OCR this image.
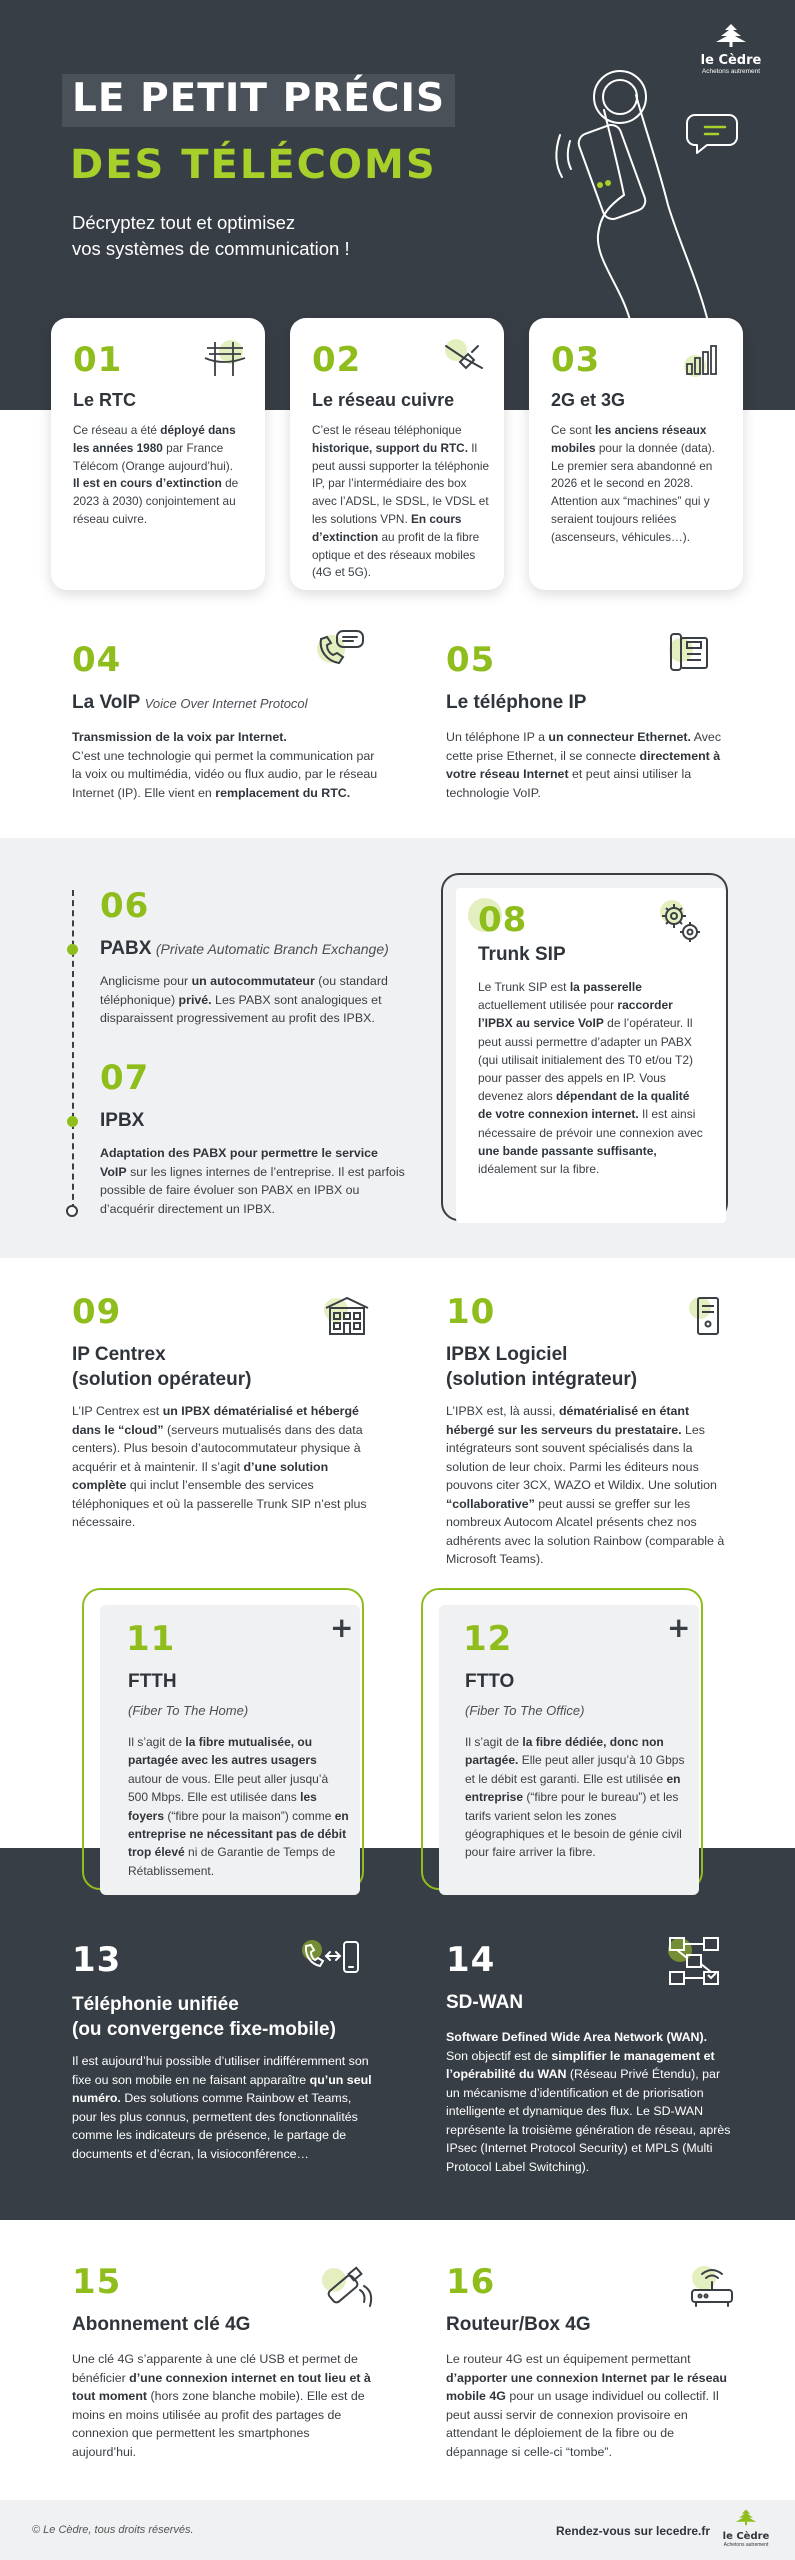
LE PETIT PRÉCIS
DES TÉLÉCOMS
Décryptez tout et optimisez
vos systèmes de communication !
le Cèdre
Achetons autrement
01
Le RTC
Ce réseau a été déployé dans les années 1980 par France Télécom (Orange aujourd’hui).
Il est en cours d’extinction de 2023 à 2030) conjointement au réseau cuivre.
02
Le réseau cuivre
C’est le réseau téléphonique historique, support du RTC. Il peut aussi supporter la téléphonie IP, par l’intermédiaire des box avec l’ADSL, le SDSL, le VDSL et les solutions VPN. En cours d’extinction au profit de la fibre optique et des réseaux mobiles (4G et 5G).
03
2G et 3G
Ce sont les anciens réseaux mobiles pour la donnée (data). Le premier sera abandonné en 2026 et le second en 2028. Attention aux “machines” qui y seraient toujours reliées (ascenseurs, véhicules…).
04
La VoIP Voice Over Internet Protocol
Transmission de la voix par Internet.
C’est une technologie qui permet la communication par la voix ou multimédia, vidéo ou flux audio, par le réseau Internet (IP). Elle vient en remplacement du RTC.
05
Le téléphone IP
Un téléphone IP a un connecteur Ethernet. Avec cette prise Ethernet, il se connecte directement à votre réseau Internet et peut ainsi utiliser la technologie VoIP.
06
PABX (Private Automatic Branch Exchange)
Anglicisme pour un autocommutateur (ou standard téléphonique) privé. Les PABX sont analogiques et disparaissent progressivement au profit des IPBX.
07
IPBX
Adaptation des PABX pour permettre le service VoIP sur les lignes internes de l’entreprise. Il est parfois possible de faire évoluer son PABX en IPBX ou d’acquérir directement un IPBX.
08
Trunk SIP
Le Trunk SIP est la passerelle actuellement utilisée pour raccorder l’IPBX au service VoIP de l’opérateur. Il peut aussi permettre d’adapter un PABX (qui utilisait initialement des T0 et/ou T2) pour passer des appels en IP. Vous devenez alors dépendant de la qualité de votre connexion internet. Il est ainsi nécessaire de prévoir une connexion avec une bande passante suffisante, idéalement sur la fibre.
09
IP Centrex
(solution opérateur)
L’IP Centrex est un IPBX dématérialisé et hébergé dans le “cloud” (serveurs mutualisés dans des data centers). Plus besoin d’autocommutateur physique à acquérir et à maintenir. Il s’agit d’une solution complète qui inclut l’ensemble des services téléphoniques et où la passerelle Trunk SIP n’est plus nécessaire.
10
IPBX Logiciel
(solution intégrateur)
L’IPBX est, là aussi, dématérialisé en étant hébergé sur les serveurs du prestataire. Les intégrateurs sont souvent spécialisés dans la solution de leur choix. Parmi les éditeurs nous pouvons citer 3CX, WAZO et Wildix. Une solution “collaborative” peut aussi se greffer sur les nombreux Autocom Alcatel présents chez nos adhérents avec la solution Rainbow (comparable à Microsoft Teams).
11	+
FTTH
(Fiber To The Home)
Il s’agit de la fibre mutualisée, ou partagée avec les autres usagers autour de vous. Elle peut aller jusqu’à 500 Mbps. Elle est utilisée dans les foyers (“fibre pour la maison”) comme en entreprise ne nécessitant pas de débit trop élevé ni de Garantie de Temps de Rétablissement.
12	+
FTTO
(Fiber To The Office)
Il s’agit de la fibre dédiée, donc non partagée. Elle peut aller jusqu’à 10 Gbps et le débit est garanti. Elle est utilisée en entreprise (“fibre pour le bureau”) et les tarifs varient selon les zones géographiques et le besoin de génie civil pour faire arriver la fibre.
13
Téléphonie unifiée
(ou convergence fixe-mobile)
Il est aujourd’hui possible d’utiliser indifféremment son fixe ou son mobile en ne faisant apparaître qu’un seul numéro. Des solutions comme Rainbow et Teams, pour les plus connus, permettent des fonctionnalités comme les indicateurs de présence, le partage de documents et d’écran, la visioconférence…
14
SD-WAN
Software Defined Wide Area Network (WAN). Son objectif est de simplifier le management et l’opérabilité du WAN (Réseau Privé Étendu), par un mécanisme d’identification et de priorisation intelligente et dynamique des flux. Le SD-WAN représente la troisième génération de réseau, après IPsec (Internet Protocol Security) et MPLS (Multi Protocol Label Switching).
15
Abonnement clé 4G
Une clé 4G s’apparente à une clé USB et permet de bénéficier d’une connexion internet en tout lieu et à tout moment (hors zone blanche mobile). Elle est de moins en moins utilisée au profit des partages de connexion que permettent les smartphones aujourd’hui.
16
Routeur/Box 4G
Le routeur 4G est un équipement permettant d’apporter une connexion Internet par le réseau mobile 4G pour un usage individuel ou collectif. Il peut aussi servir de connexion provisoire en attendant le déploiement de la fibre ou de dépannage si celle-ci “tombe”.
© Le Cèdre, tous droits réservés.	Rendez-vous sur lecedre.fr	le Cèdre
Achetons autrement
